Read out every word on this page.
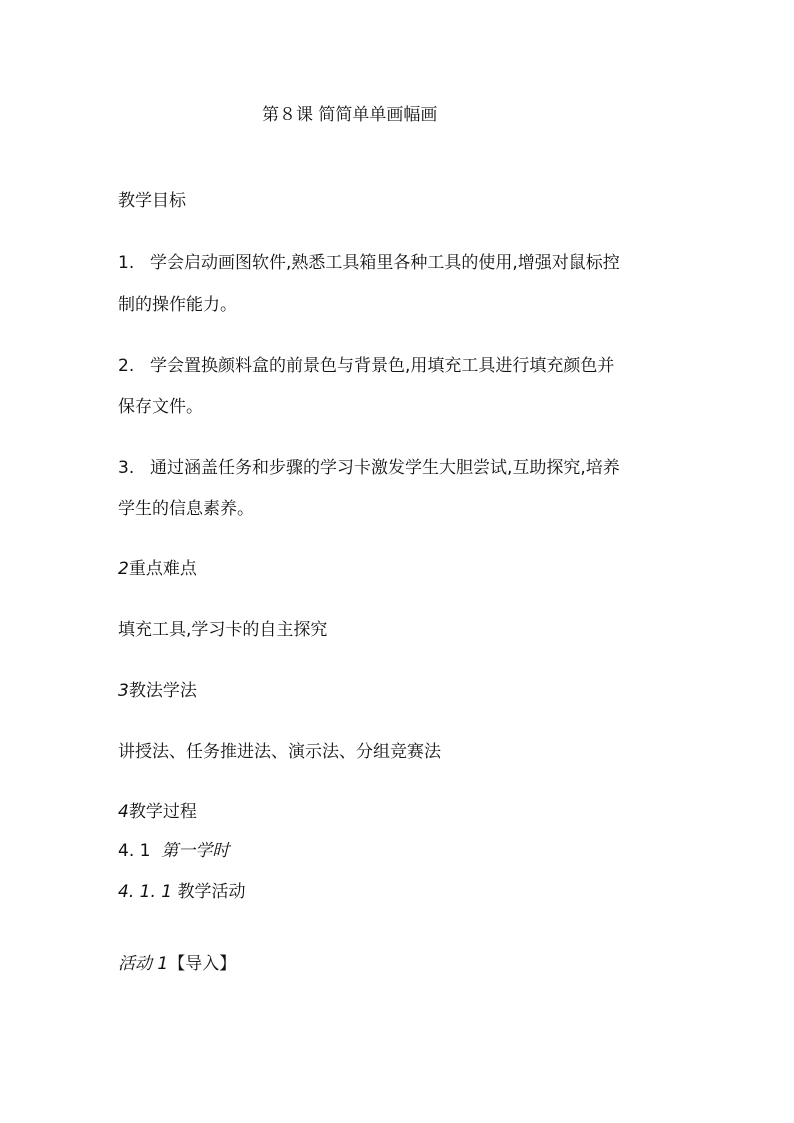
第８课 简简单单画幅画
教学目标
1. 学会启动画图软件,熟悉工具箱里各种工具的使用,增强对鼠标控
制的操作能力。
2. 学会置换颜料盒的前景色与背景色,用填充工具进行填充颜色并
保存文件。
3. 通过涵盖任务和步骤的学习卡激发学生大胆尝试,互助探究,培养
学生的信息素养。
2重点难点
填充工具,学习卡的自主探究
3教法学法
讲授法、任务推进法、演示法、分组竞赛法
4教学过程
4. 1 第一学时
4. 1. 1 教学活动
活动 1【导入】
